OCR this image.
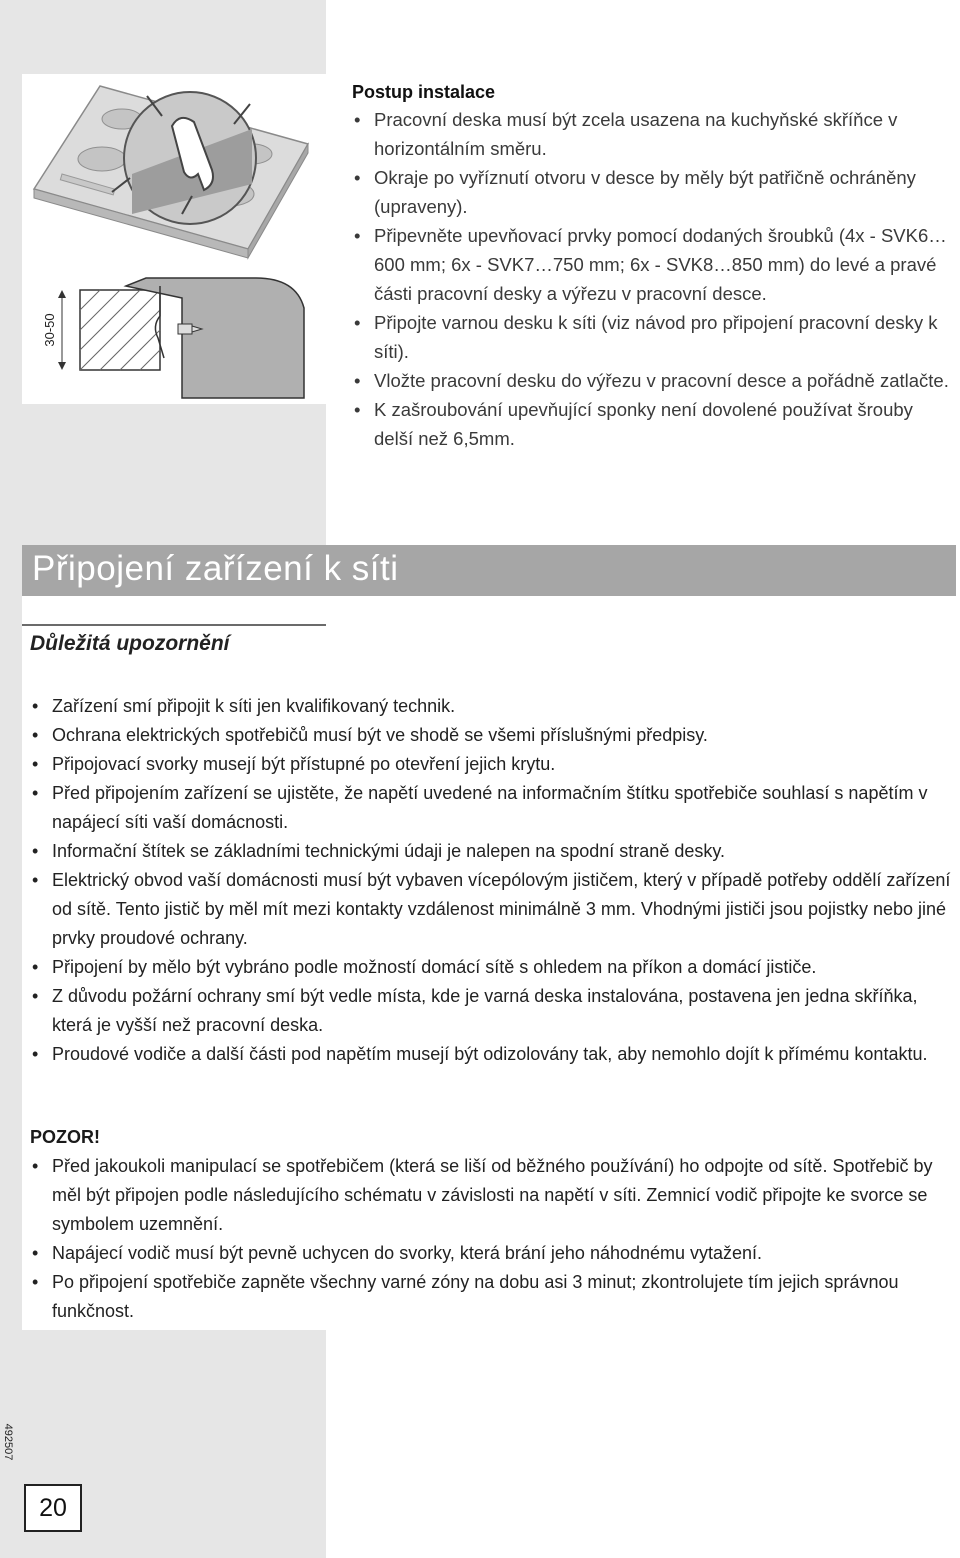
30-50
Postup instalace
• Pracovní deska musí být zcela usazena na kuchyňské skříňce v horizontálním směru.
• Okraje po vyříznutí otvoru v desce by měly být patřičně ochráněny (upraveny).
• Připevněte upevňovací prvky pomocí dodaných šroubků (4x - SVK6…600 mm; 6x - SVK7…750 mm; 6x - SVK8…850 mm) do levé a pravé části pracovní desky a výřezu v pracovní desce.
• Připojte varnou desku k síti (viz návod pro připojení pracovní desky k síti).
• Vložte pracovní desku do výřezu v pracovní desce a pořádně zatlačte.
• K zašroubování upevňující sponky není dovolené používat šrouby delší než 6,5mm.
Připojení zařízení k síti
Důležitá upozornění
• Zařízení smí připojit k síti jen kvalifikovaný technik.
• Ochrana elektrických spotřebičů musí být ve shodě se všemi příslušnými předpisy.
• Připojovací svorky musejí být přístupné po otevření jejich krytu.
• Před připojením zařízení se ujistěte, že napětí uvedené na informačním štítku spotřebiče souhlasí s napětím v napájecí síti vaší domácnosti.
• Informační štítek se základními technickými údaji je nalepen na spodní straně desky.
• Elektrický obvod vaší domácnosti musí být vybaven vícepólovým jističem, který v případě potřeby oddělí zařízení od sítě. Tento jistič by měl mít mezi kontakty vzdálenost minimálně 3 mm. Vhodnými jističi jsou pojistky nebo jiné prvky proudové ochrany.
• Připojení by mělo být vybráno podle možností domácí sítě s ohledem na příkon a domácí jističe.
• Z důvodu požární ochrany smí být vedle místa, kde je varná deska instalována, postavena jen jedna skříňka, která je vyšší než pracovní deska.
• Proudové vodiče a další části pod napětím musejí být odizolovány tak, aby nemohlo dojít k přímému kontaktu.
POZOR!
• Před jakoukoli manipulací se spotřebičem (která se liší od běžného používání) ho odpojte od sítě. Spotřebič by měl být připojen podle následujícího schématu v závislosti na napětí v síti. Zemnicí vodič připojte ke svorce se symbolem uzemnění.
• Napájecí vodič musí být pevně uchycen do svorky, která brání jeho náhodnému vytažení.
• Po připojení spotřebiče zapněte všechny varné zóny na dobu asi 3 minut; zkontrolujete tím jejich správnou funkčnost.
492507
20
